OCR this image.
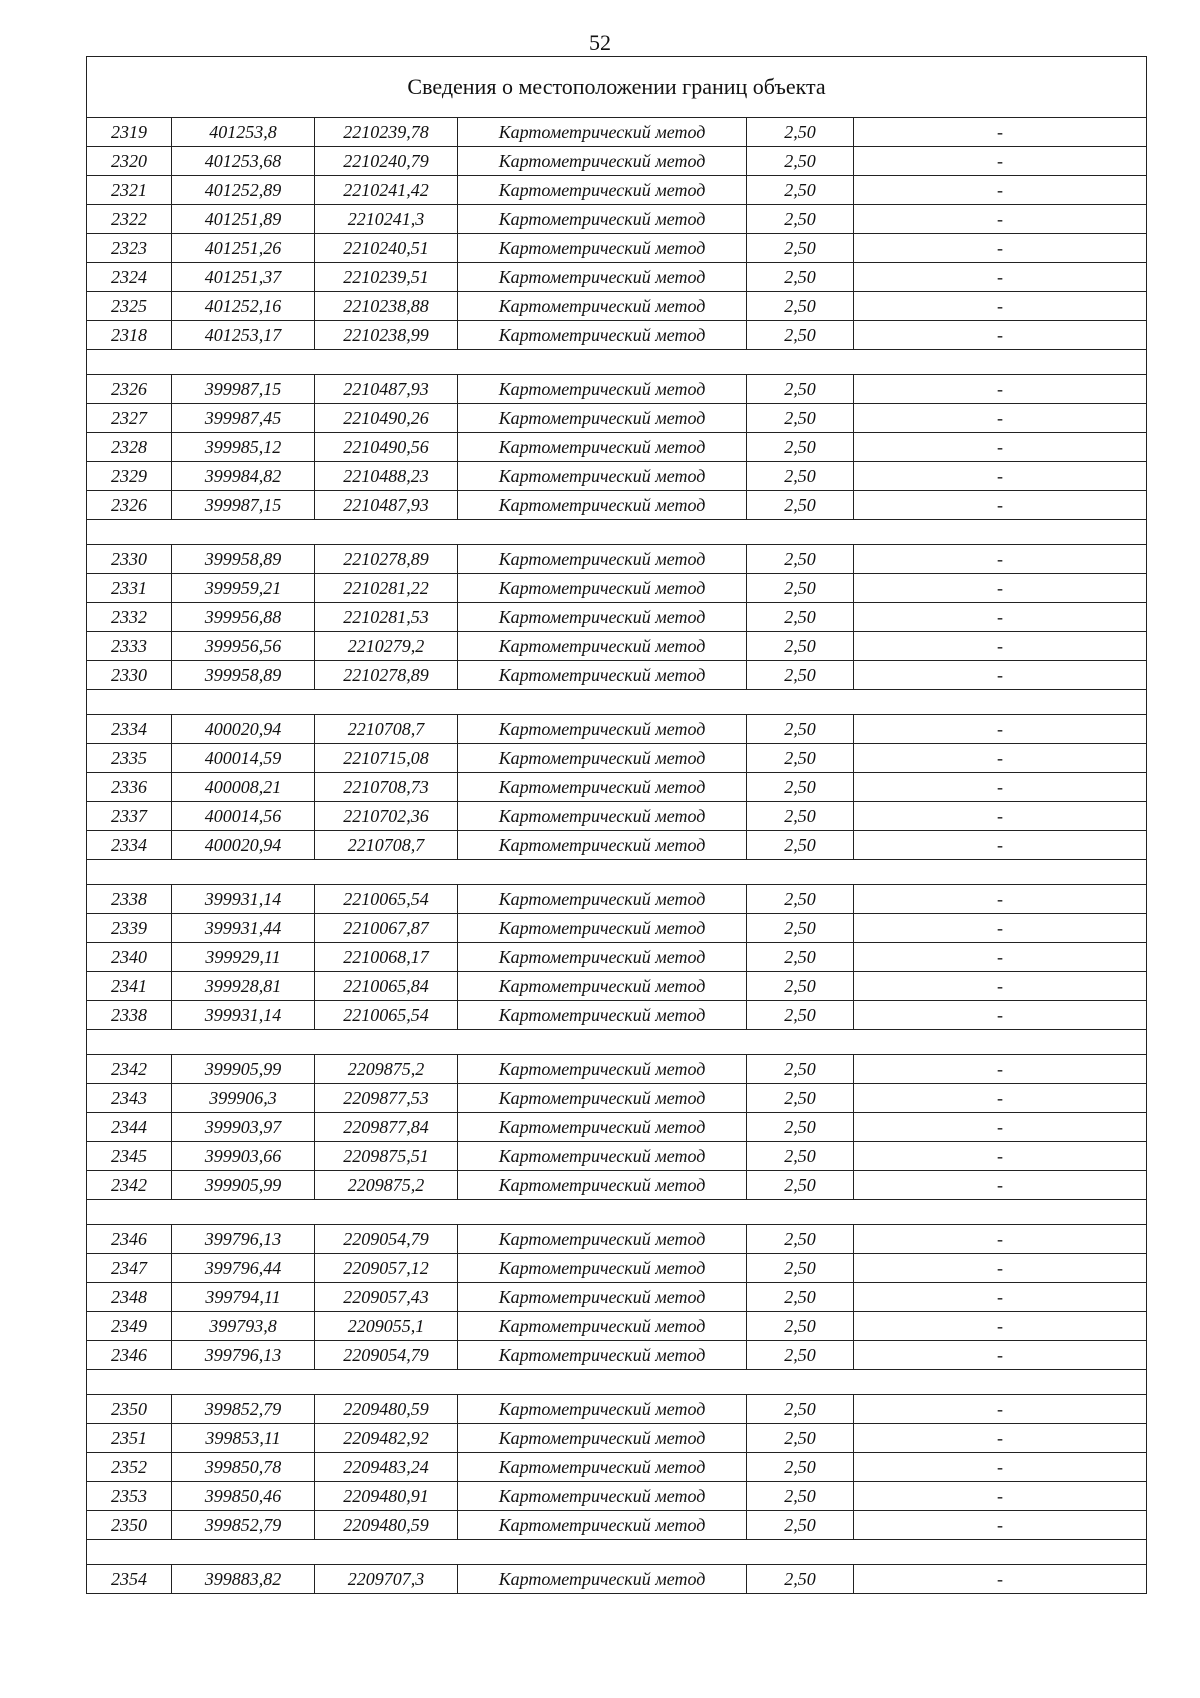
52
Сведения о местоположении границ объекта					
2319	401253,8	2210239,78	Картометрический метод	2,50	-
2320	401253,68	2210240,79	Картометрический метод	2,50	-
2321	401252,89	2210241,42	Картометрический метод	2,50	-
2322	401251,89	2210241,3	Картометрический метод	2,50	-
2323	401251,26	2210240,51	Картометрический метод	2,50	-
2324	401251,37	2210239,51	Картометрический метод	2,50	-
2325	401252,16	2210238,88	Картометрический метод	2,50	-
2318	401253,17	2210238,99	Картометрический метод	2,50	-

2326	399987,15	2210487,93	Картометрический метод	2,50	-
2327	399987,45	2210490,26	Картометрический метод	2,50	-
2328	399985,12	2210490,56	Картометрический метод	2,50	-
2329	399984,82	2210488,23	Картометрический метод	2,50	-
2326	399987,15	2210487,93	Картометрический метод	2,50	-

2330	399958,89	2210278,89	Картометрический метод	2,50	-
2331	399959,21	2210281,22	Картометрический метод	2,50	-
2332	399956,88	2210281,53	Картометрический метод	2,50	-
2333	399956,56	2210279,2	Картометрический метод	2,50	-
2330	399958,89	2210278,89	Картометрический метод	2,50	-

2334	400020,94	2210708,7	Картометрический метод	2,50	-
2335	400014,59	2210715,08	Картометрический метод	2,50	-
2336	400008,21	2210708,73	Картометрический метод	2,50	-
2337	400014,56	2210702,36	Картометрический метод	2,50	-
2334	400020,94	2210708,7	Картометрический метод	2,50	-

2338	399931,14	2210065,54	Картометрический метод	2,50	-
2339	399931,44	2210067,87	Картометрический метод	2,50	-
2340	399929,11	2210068,17	Картометрический метод	2,50	-
2341	399928,81	2210065,84	Картометрический метод	2,50	-
2338	399931,14	2210065,54	Картометрический метод	2,50	-

2342	399905,99	2209875,2	Картометрический метод	2,50	-
2343	399906,3	2209877,53	Картометрический метод	2,50	-
2344	399903,97	2209877,84	Картометрический метод	2,50	-
2345	399903,66	2209875,51	Картометрический метод	2,50	-
2342	399905,99	2209875,2	Картометрический метод	2,50	-

2346	399796,13	2209054,79	Картометрический метод	2,50	-
2347	399796,44	2209057,12	Картометрический метод	2,50	-
2348	399794,11	2209057,43	Картометрический метод	2,50	-
2349	399793,8	2209055,1	Картометрический метод	2,50	-
2346	399796,13	2209054,79	Картометрический метод	2,50	-

2350	399852,79	2209480,59	Картометрический метод	2,50	-
2351	399853,11	2209482,92	Картометрический метод	2,50	-
2352	399850,78	2209483,24	Картометрический метод	2,50	-
2353	399850,46	2209480,91	Картометрический метод	2,50	-
2350	399852,79	2209480,59	Картометрический метод	2,50	-

2354	399883,82	2209707,3	Картометрический метод	2,50	-
